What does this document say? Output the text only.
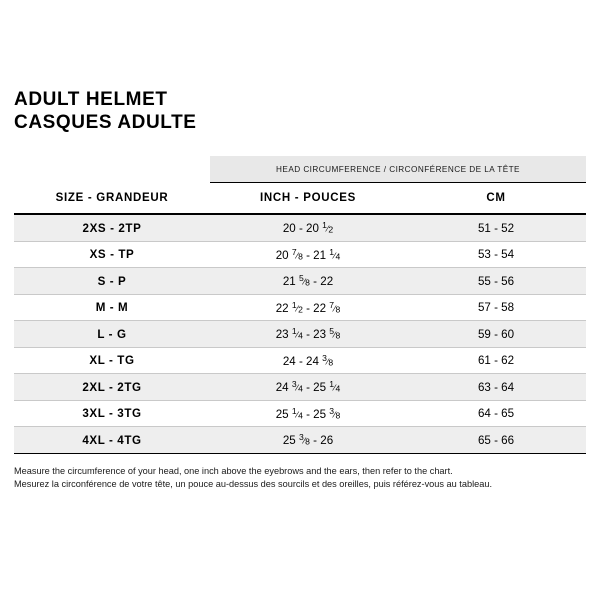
ADULT HELMET
CASQUES ADULTE
	HEAD CIRCUMFERENCE / CIRCONFÉRENCE DE LA TÊTE	
SIZE - GRANDEUR	INCH - POUCES	CM
2XS - 2TP	20 - 20 $^1⁄_2$	51 - 52
XS - TP	20 $^7⁄_8 - 21$ $^1⁄_4$	53 - 54
S - P	21 $^5⁄_8 - 22$	55 - 56
M - M	22 $^1⁄_2 - 22$ $^7⁄_8$	57 - 58
L - G	23 $^1⁄_4 - 23$ $^5⁄_8$	59 - 60
XL - TG	24 - 24 $^3⁄_8$	61 - 62
2XL - 2TG	24 $^3⁄_4 - 25$ $^1⁄_4$	63 - 64
3XL - 3TG	25 $^1⁄_4 - 25$ $^3⁄_8$	64 - 65
4XL - 4TG	25 $^3⁄_8 - 26$	65 - 66
Measure the circumference of your head, one inch above the eyebrows and the ears, then refer to the chart.
Mesurez la circonférence de votre tête, un pouce au-dessus des sourcils et des oreilles, puis référez-vous au tableau.
